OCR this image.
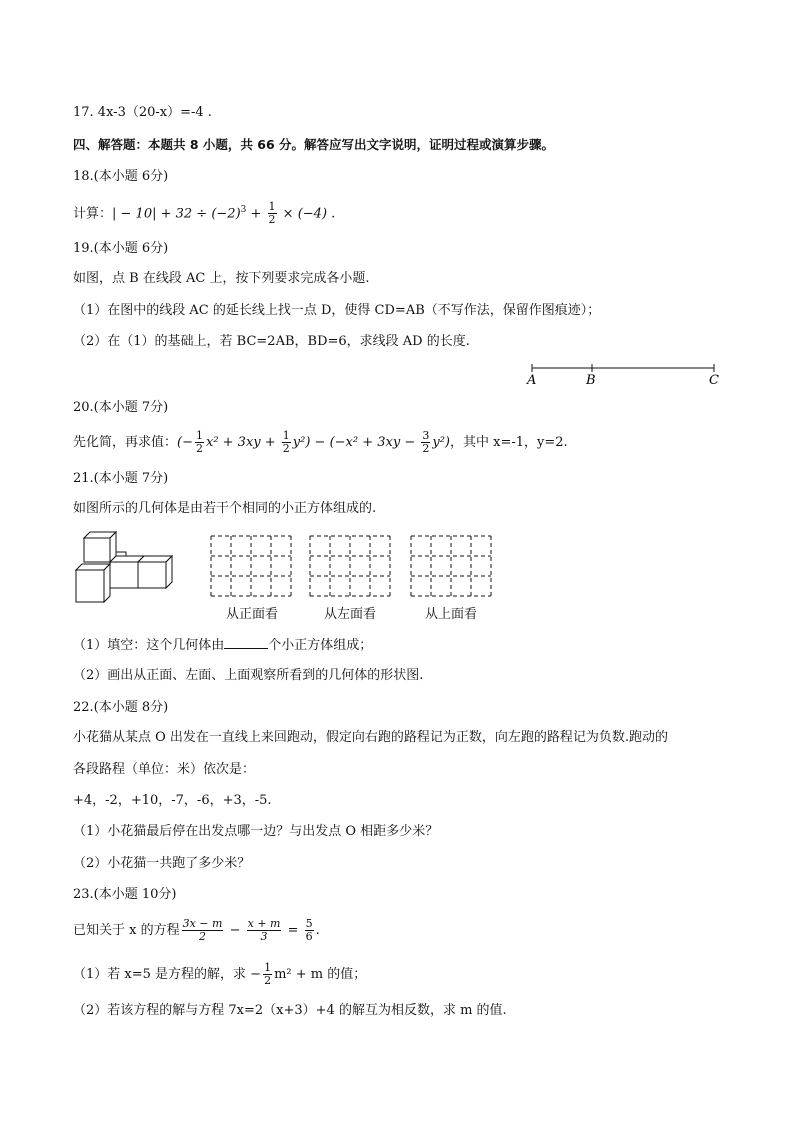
17. 4x-3（20-x）=-4 .
四、解答题：本题共 8 小题，共 66 分。解答应写出文字说明，证明过程或演算步骤。
18.(本小题 6分)
计算：| − $10| + 32 \div (-2)^3 + \frac{1}{2} \times (-4)$ .
19.(本小题 6分)
如图，点 B 在线段 AC 上，按下列要求完成各小题.
（1）在图中的线段 AC 的延长线上找一点 D，使得 CD=AB（不写作法，保留作图痕迹）；
（2）在（1）的基础上，若 BC=2AB，BD=6，求线段 AD 的长度.
A	B	C
20.(本小题 7分)
先化简，再求值：(− $\frac{1}{2} x^2 + 3xy + \frac{1}{2} y^2) - (-x^2 + 3xy - \frac{3}{2} y^2)$，其中 x=-1，y=2.
21.(本小题 7分)
如图所示的几何体是由若干个相同的小正方体组成的.
从正面看	从左面看	从上面看
（1）填空：这个几何体由	个小正方体组成；
（2）画出从正面、左面、上面观察所看到的几何体的形状图.
22.(本小题 8分)
小花猫从某点 O 出发在一直线上来回跑动，假定向右跑的路程记为正数，向左跑的路程记为负数.跑动的
各段路程（单位：米）依次是：
+4，-2，+10，-7，-6，+3，-5.
（1）小花猫最后停在出发点哪一边？与出发点 O 相距多少米？
（2）小花猫一共跑了多少米？
23.(本小题 10分)
已知关于 x 的方程 $\frac{3x - m}{2} - \frac{x + m}{3} = \frac{5}{6}$ .
（1）若 x=5 是方程的解，求 − $\frac{1}{2} m^2 + m$ 的值；
（2）若该方程的解与方程 7x=2（x+3）+4 的解互为相反数，求 m 的值.
